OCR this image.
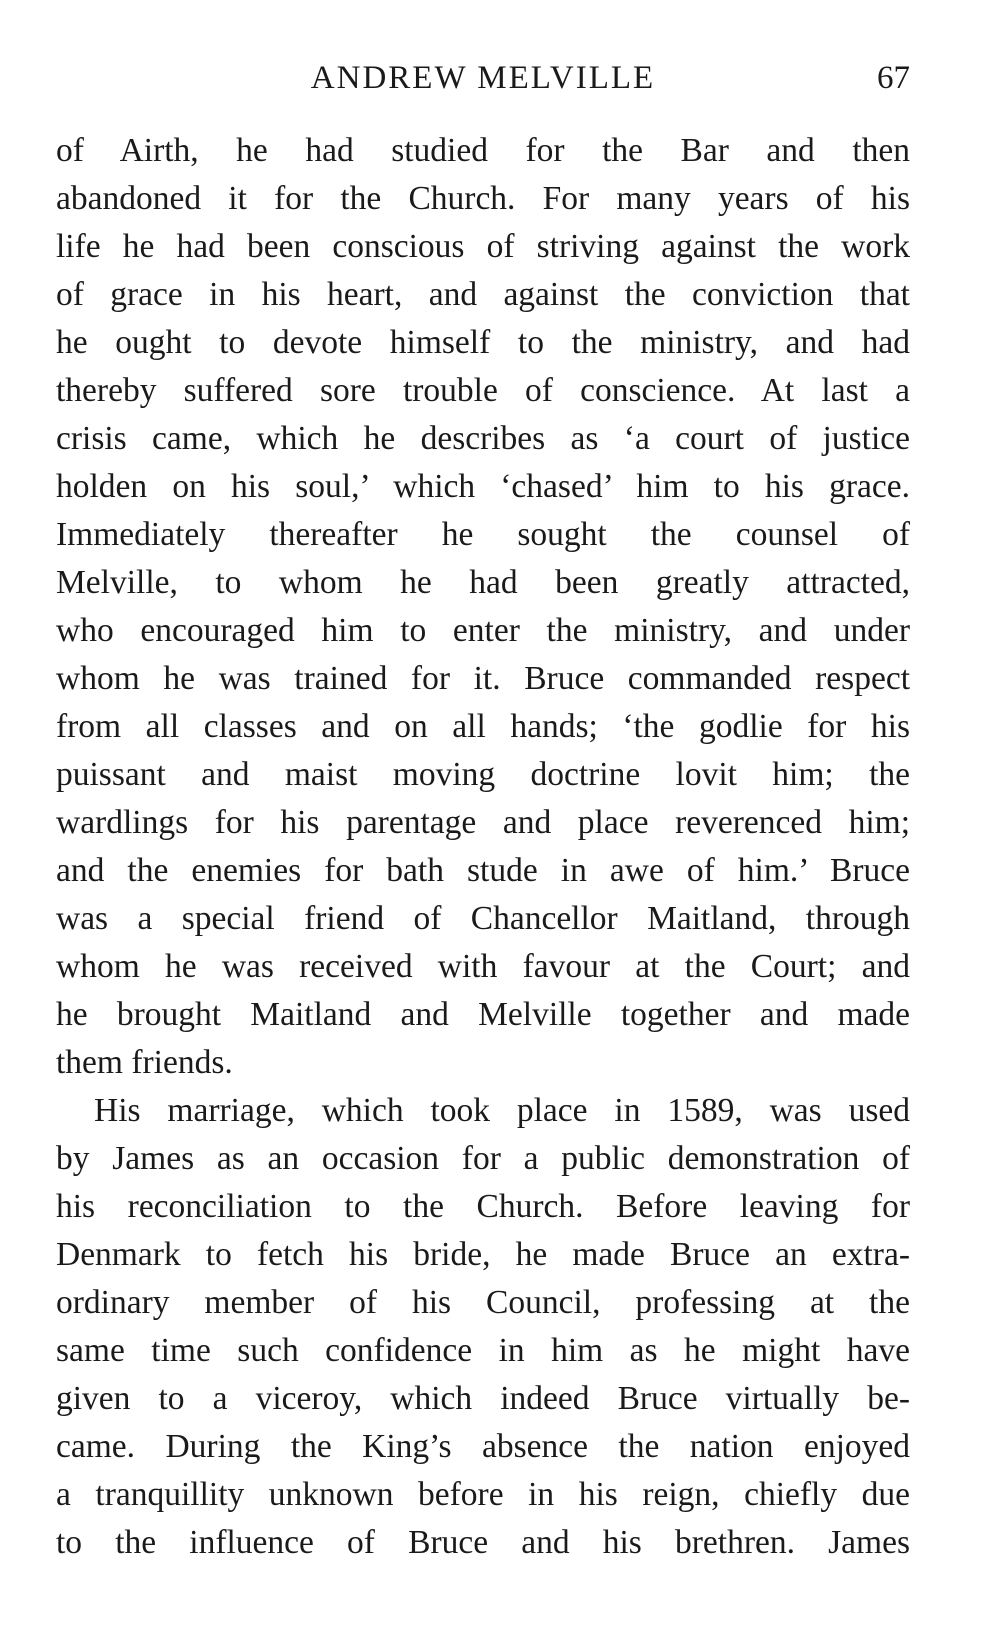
ANDREW MELVILLE	67
of Airth, he had studied for the Bar and then
abandoned it for the Church. For many years of his
life he had been conscious of striving against the work
of grace in his heart, and against the conviction that
he ought to devote himself to the ministry, and had
thereby suffered sore trouble of conscience. At last a
crisis came, which he describes as ‘a court of justice
holden on his soul,’ which ‘chased’ him to his grace.
Immediately thereafter he sought the counsel of
Melville, to whom he had been greatly attracted,
who encouraged him to enter the ministry, and under
whom he was trained for it. Bruce commanded respect
from all classes and on all hands; ‘the godlie for his
puissant and maist moving doctrine lovit him; the
wardlings for his parentage and place reverenced him;
and the enemies for bath stude in awe of him.’ Bruce
was a special friend of Chancellor Maitland, through
whom he was received with favour at the Court; and
he brought Maitland and Melville together and made
them friends.
His marriage, which took place in 1589, was used
by James as an occasion for a public demonstration of
his reconciliation to the Church. Before leaving for
Denmark to fetch his bride, he made Bruce an extra-
ordinary member of his Council, professing at the
same time such confidence in him as he might have
given to a viceroy, which indeed Bruce virtually be-
came. During the King’s absence the nation enjoyed
a tranquillity unknown before in his reign, chiefly due
to the influence of Bruce and his brethren. James
